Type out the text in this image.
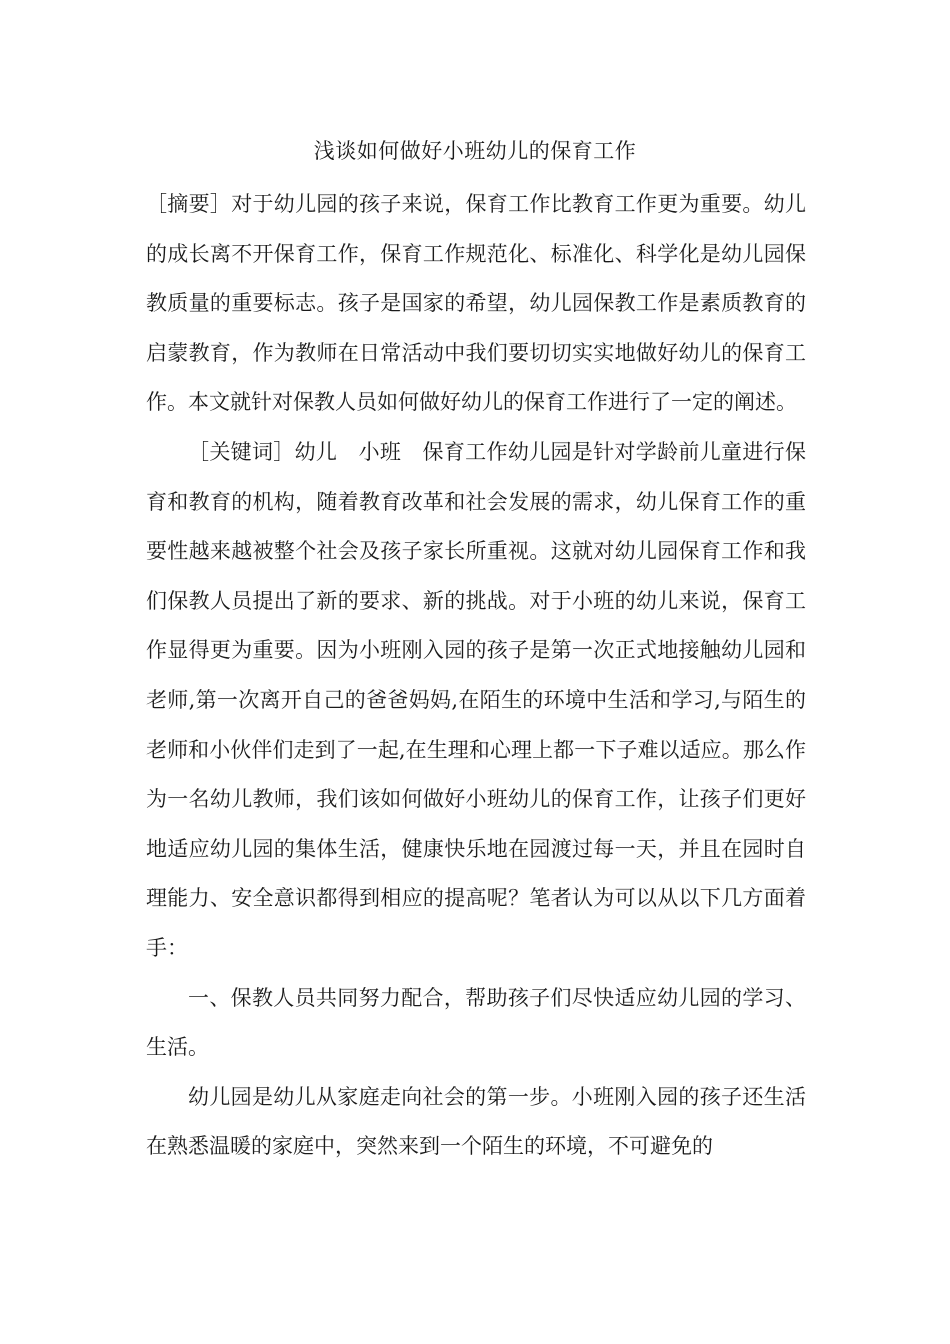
浅谈如何做好小班幼儿的保育工作

［摘要］对于幼儿园的孩子来说，保育工作比教育工作更为重要。幼儿的成长离不开保育工作，保育工作规范化、标准化、科学化是幼儿园保教质量的重要标志。孩子是国家的希望，幼儿园保教工作是素质教育的启蒙教育，作为教师在日常活动中我们要切切实实地做好幼儿的保育工作。本文就针对保教人员如何做好幼儿的保育工作进行了一定的阐述。

［关键词］幼儿　小班　保育工作幼儿园是针对学龄前儿童进行保育和教育的机构，随着教育改革和社会发展的需求，幼儿保育工作的重要性越来越被整个社会及孩子家长所重视。这就对幼儿园保育工作和我们保教人员提出了新的要求、新的挑战。对于小班的幼儿来说，保育工作显得更为重要。因为小班刚入园的孩子是第一次正式地接触幼儿园和老师,第一次离开自己的爸爸妈妈,在陌生的环境中生活和学习,与陌生的老师和小伙伴们走到了一起,在生理和心理上都一下子难以适应。那么作为一名幼儿教师，我们该如何做好小班幼儿的保育工作，让孩子们更好地适应幼儿园的集体生活，健康快乐地在园渡过每一天，并且在园时自理能力、安全意识都得到相应的提高呢？笔者认为可以从以下几方面着手：

一、保教人员共同努力配合，帮助孩子们尽快适应幼儿园的学习、生活。

幼儿园是幼儿从家庭走向社会的第一步。小班刚入园的孩子还生活在熟悉温暖的家庭中，突然来到一个陌生的环境，不可避免的
